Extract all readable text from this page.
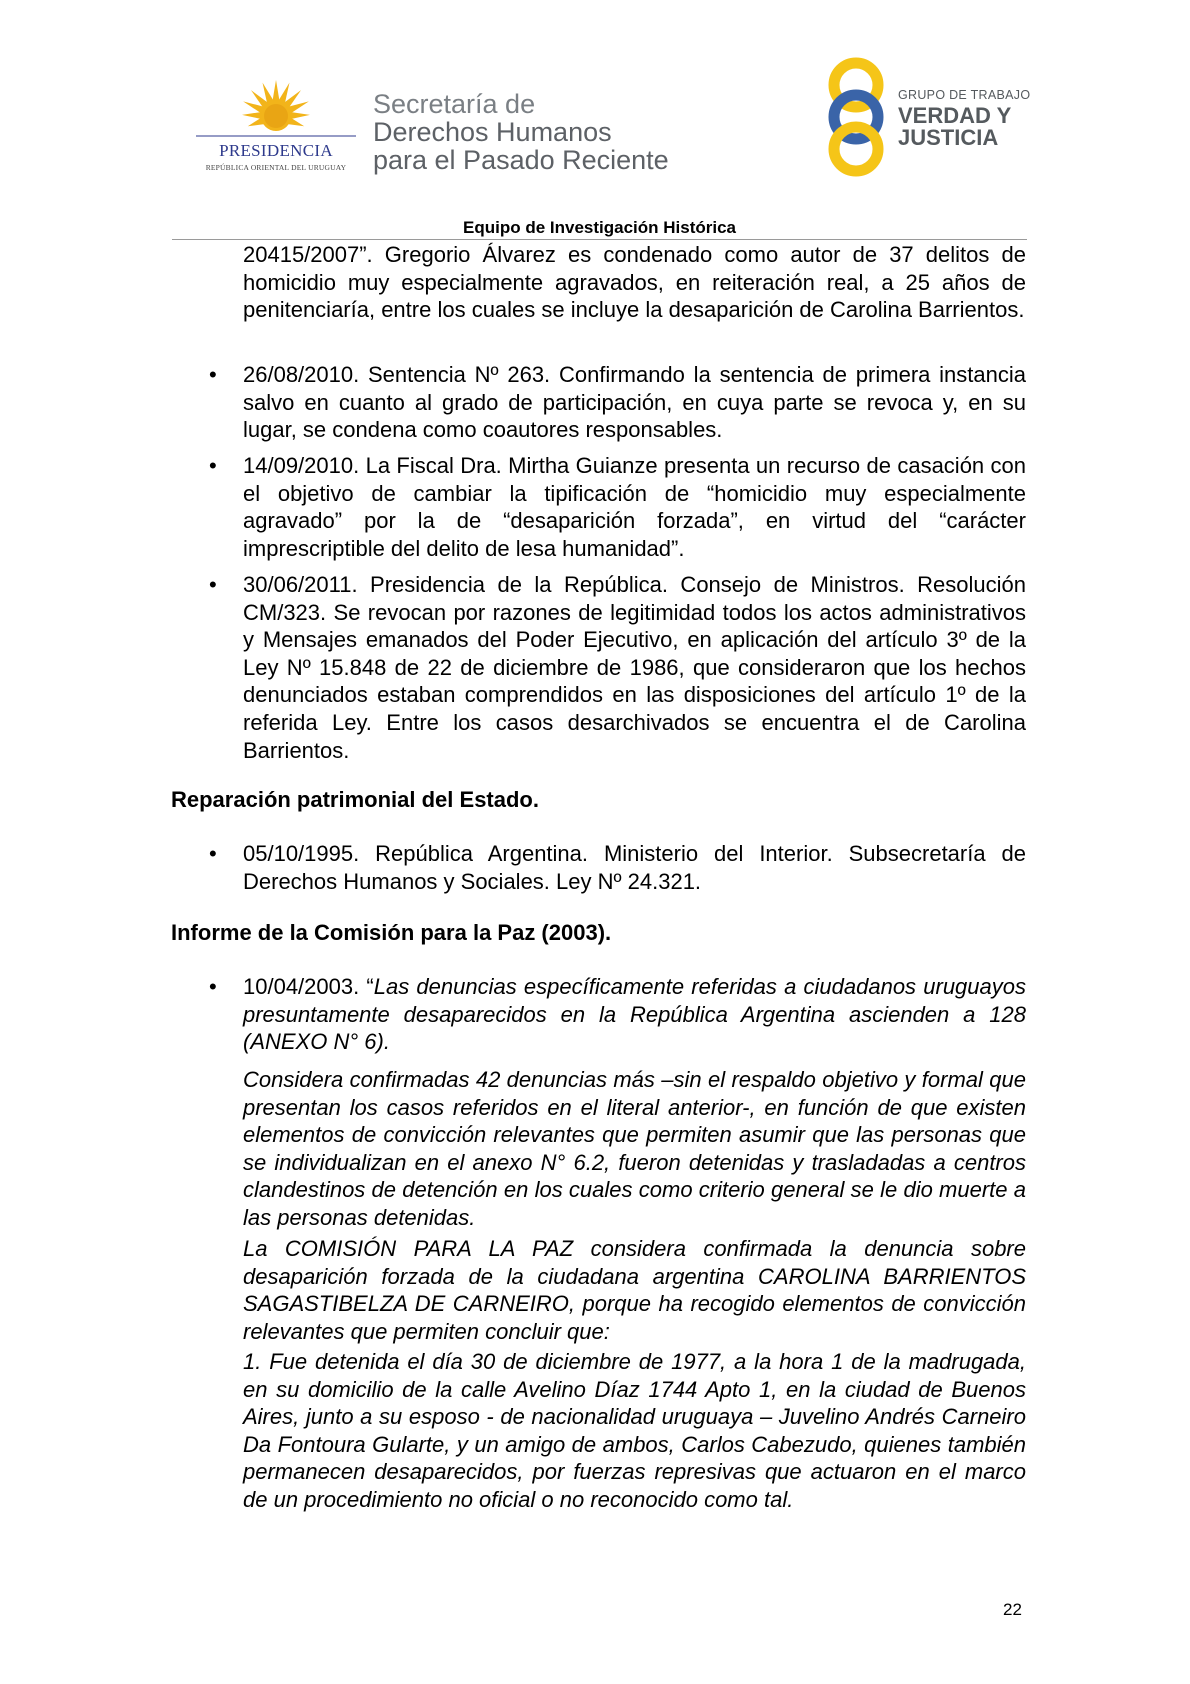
PRESIDENCIA
REPÚBLICA ORIENTAL DEL URUGUAY
Secretaría de
Derechos Humanos
para el Pasado Reciente
GRUPO DE TRABAJO
VERDAD Y
JUSTICIA
Equipo de Investigación Histórica
20415/2007”. Gregorio Álvarez es condenado como autor de 37 delitos de homicidio muy especialmente agravados, en reiteración real, a 25 años de penitenciaría, entre los cuales se incluye la desaparición de Carolina Barrientos.
• 26/08/2010. Sentencia Nº 263. Confirmando la sentencia de primera instancia salvo en cuanto al grado de participación, en cuya parte se revoca y, en su lugar, se condena como coautores responsables.
• 14/09/2010. La Fiscal Dra. Mirtha Guianze presenta un recurso de casación con el objetivo de cambiar la tipificación de “homicidio muy especialmente agravado” por la de “desaparición forzada”, en virtud del “carácter imprescriptible del delito de lesa humanidad”.
• 30/06/2011. Presidencia de la República. Consejo de Ministros. Resolución CM/323. Se revocan por razones de legitimidad todos los actos administrativos y Mensajes emanados del Poder Ejecutivo, en aplicación del artículo 3º de la Ley Nº 15.848 de 22 de diciembre de 1986, que consideraron que los hechos denunciados estaban comprendidos en las disposiciones del artículo 1º de la referida Ley. Entre los casos desarchivados se encuentra el de Carolina Barrientos.
Reparación patrimonial del Estado.
• 05/10/1995. República Argentina. Ministerio del Interior. Subsecretaría de Derechos Humanos y Sociales. Ley Nº 24.321.
Informe de la Comisión para la Paz (2003).
• 10/04/2003. “Las denuncias específicamente referidas a ciudadanos uruguayos presuntamente desaparecidos en la República Argentina ascienden a 128 (ANEXO N° 6).
Considera confirmadas 42 denuncias más –sin el respaldo objetivo y formal que presentan los casos referidos en el literal anterior-, en función de que existen elementos de convicción relevantes que permiten asumir que las personas que se individualizan en el anexo N° 6.2, fueron detenidas y trasladadas a centros clandestinos de detención en los cuales como criterio general se le dio muerte a las personas detenidas.
La COMISIÓN PARA LA PAZ considera confirmada la denuncia sobre desaparición forzada de la ciudadana argentina CAROLINA BARRIENTOS SAGASTIBELZA DE CARNEIRO, porque ha recogido elementos de convicción relevantes que permiten concluir que:
1. Fue detenida el día 30 de diciembre de 1977, a la hora 1 de la madrugada, en su domicilio de la calle Avelino Díaz 1744 Apto 1, en la ciudad de Buenos Aires, junto a su esposo - de nacionalidad uruguaya – Juvelino Andrés Carneiro Da Fontoura Gularte, y un amigo de ambos, Carlos Cabezudo, quienes también permanecen desaparecidos, por fuerzas represivas que actuaron en el marco de un procedimiento no oficial o no reconocido como tal.
22
